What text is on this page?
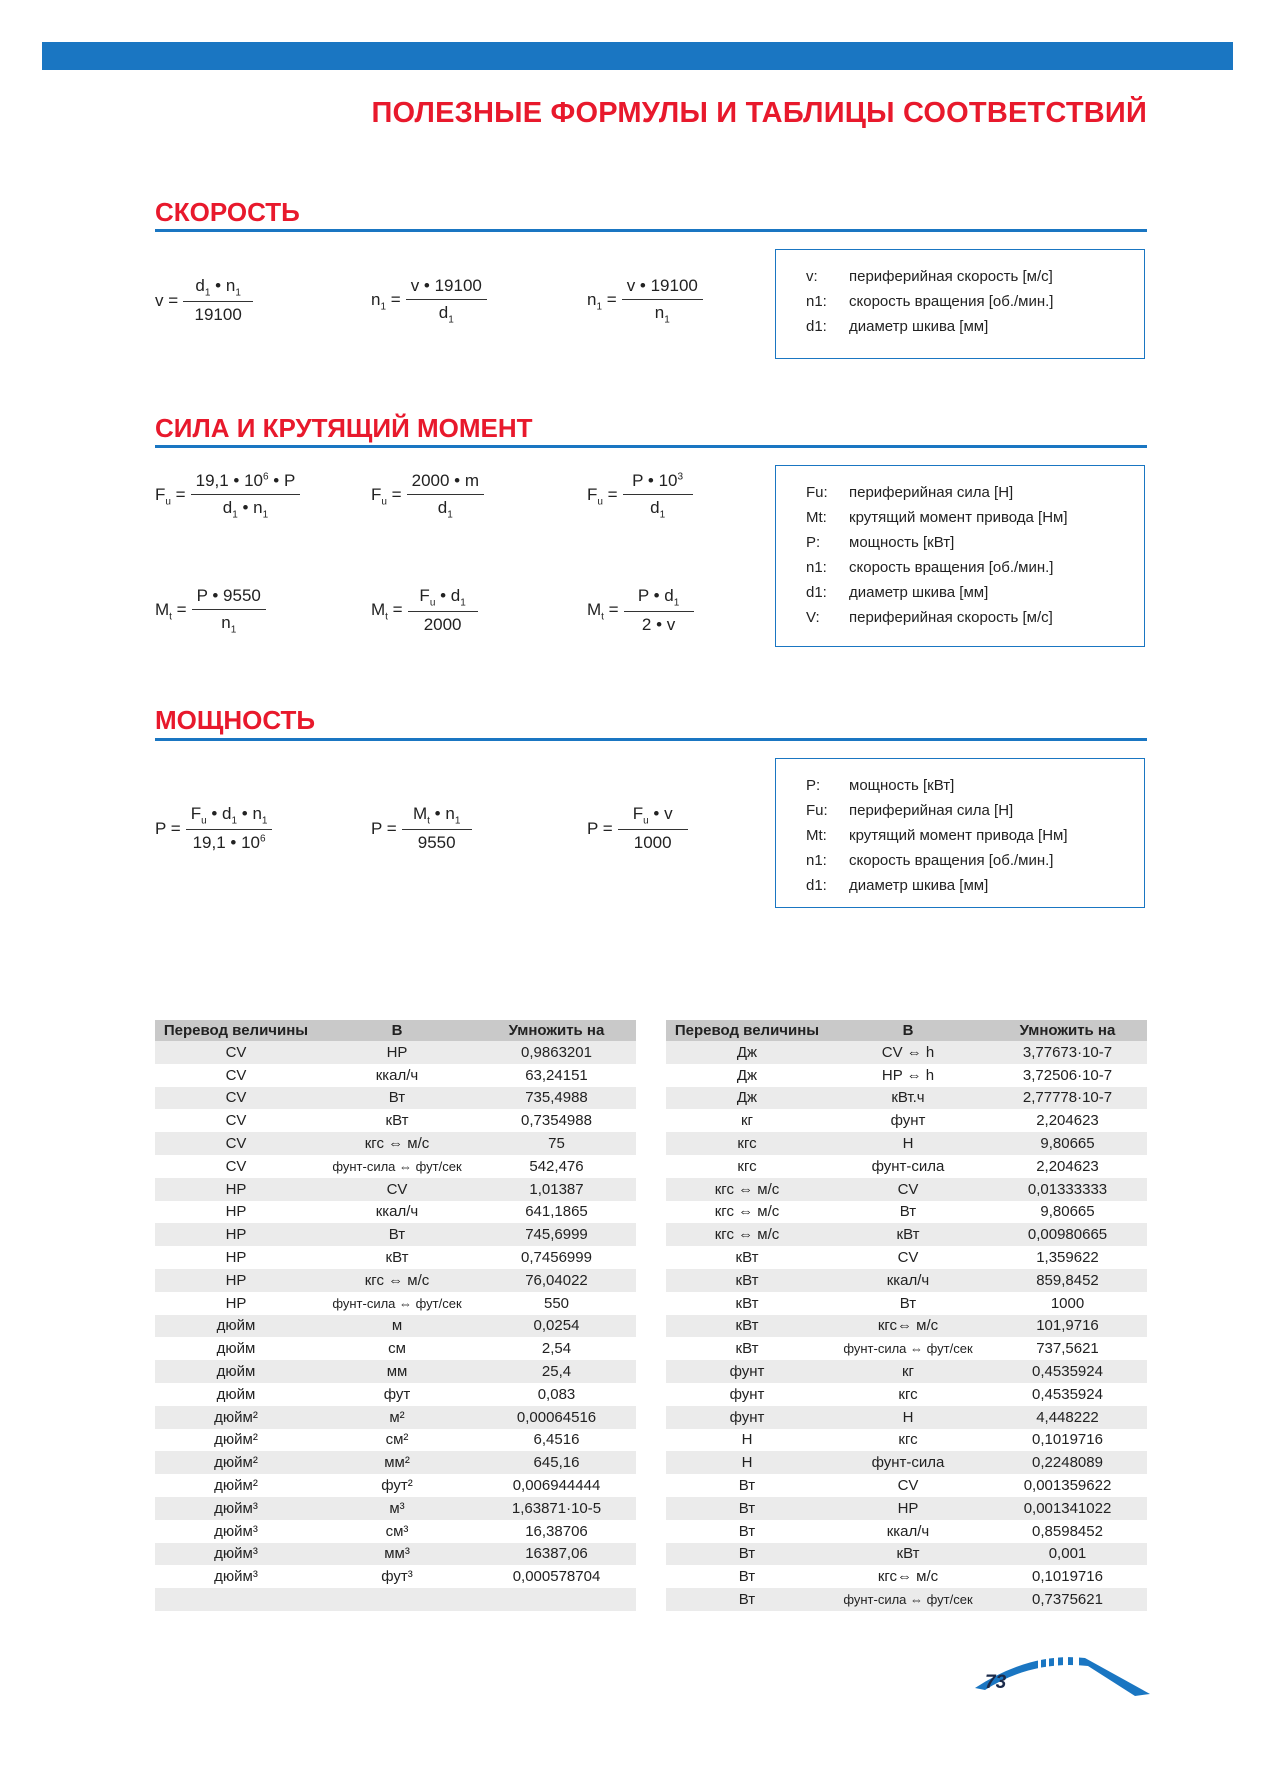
ПОЛЕЗНЫЕ ФОРМУЛЫ И ТАБЛИЦЫ СООТВЕТСТВИЙ
СКОРОСТЬ
$v = \frac{d_1 • n_1}{19100}$	$n_1 = \frac{v • 19100}{d_1}$	$n_1 = \frac{v • 19100}{n_1}$	v:	периферийная скорость [м/с]
n1:	скорость вращения [об./мин.]
d1:	диаметр шкива [мм]
СИЛА И КРУТЯЩИЙ МОМЕНТ
$F_u = \frac{19,1 • 10^6 • P}{d_1 • n_1}$	$F_u = \frac{2000 • m}{d_1}$	$F_u = \frac{P • 10^3}{d_1}$
$M_t = \frac{P • 9550}{n_1}$	$M_t = \frac{F_u • d_1}{2000}$	$M_t = \frac{P • d_1}{2 • v}$
Fu:	периферийная сила [Н]
Mt:	крутящий момент привода [Нм]
P:	мощность [кВт]
n1:	скорость вращения [об./мин.]
d1:	диаметр шкива [мм]
V:	периферийная скорость [м/с]
МОЩНОСТЬ
$P = \frac{F_u • d_1 • n_1}{19,1 • 10^6}$	$P = \frac{M_t • n_1}{9550}$	$P = \frac{F_u • v}{1000}$
P:	мощность [кВт]
Fu:	периферийная сила [Н]
Mt:	крутящий момент привода [Нм]
n1:	скорость вращения [об./мин.]
d1:	диаметр шкива [мм]
Перевод величины	В	Умножить на
CV	HP	0,9863201
CV	ккал/ч	63,24151
CV	Вт	735,4988
CV	кВт	0,7354988
CV	кгс ⇔ м/с	75
CV	фунт-сила ⇔ фут/сек	542,476
HP	CV	1,01387
HP	ккал/ч	641,1865
HP	Вт	745,6999
HP	кВт	0,7456999
HP	кгс ⇔ м/с	76,04022
HP	фунт-сила ⇔ фут/сек	550
дюйм	м	0,0254
дюйм	см	2,54
дюйм	мм	25,4
дюйм	фут	0,083
дюйм²	м²	0,00064516
дюйм²	см²	6,4516
дюйм²	мм²	645,16
дюйм²	фут²	0,006944444
дюйм³	м³	1,63871·10-5
дюйм³	см³	16,38706
дюйм³	мм³	16387,06
дюйм³	фут³	0,000578704

Перевод величины	В	Умножить на
Дж	CV ⇔ h	3,77673·10-7
Дж	HP ⇔ h	3,72506·10-7
Дж	кВт.ч	2,77778·10-7
кг	фунт	2,204623
кгс	Н	9,80665
кгс	фунт-сила	2,204623
кгс ⇔ м/с	CV	0,01333333
кгс ⇔ м/с	Вт	9,80665
кгс ⇔ м/с	кВт	0,00980665
кВт	CV	1,359622
кВт	ккал/ч	859,8452
кВт	Вт	1000
кВт	кгс⇔ м/с	101,9716
кВт	фунт-сила ⇔ фут/сек	737,5621
фунт	кг	0,4535924
фунт	кгс	0,4535924
фунт	Н	4,448222
Н	кгс	0,1019716
Н	фунт-сила	0,2248089
Вт	CV	0,001359622
Вт	HP	0,001341022
Вт	ккал/ч	0,8598452
Вт	кВт	0,001
Вт	кгс⇔ м/с	0,1019716
Вт	фунт-сила ⇔ фут/сек	0,7375621
73
